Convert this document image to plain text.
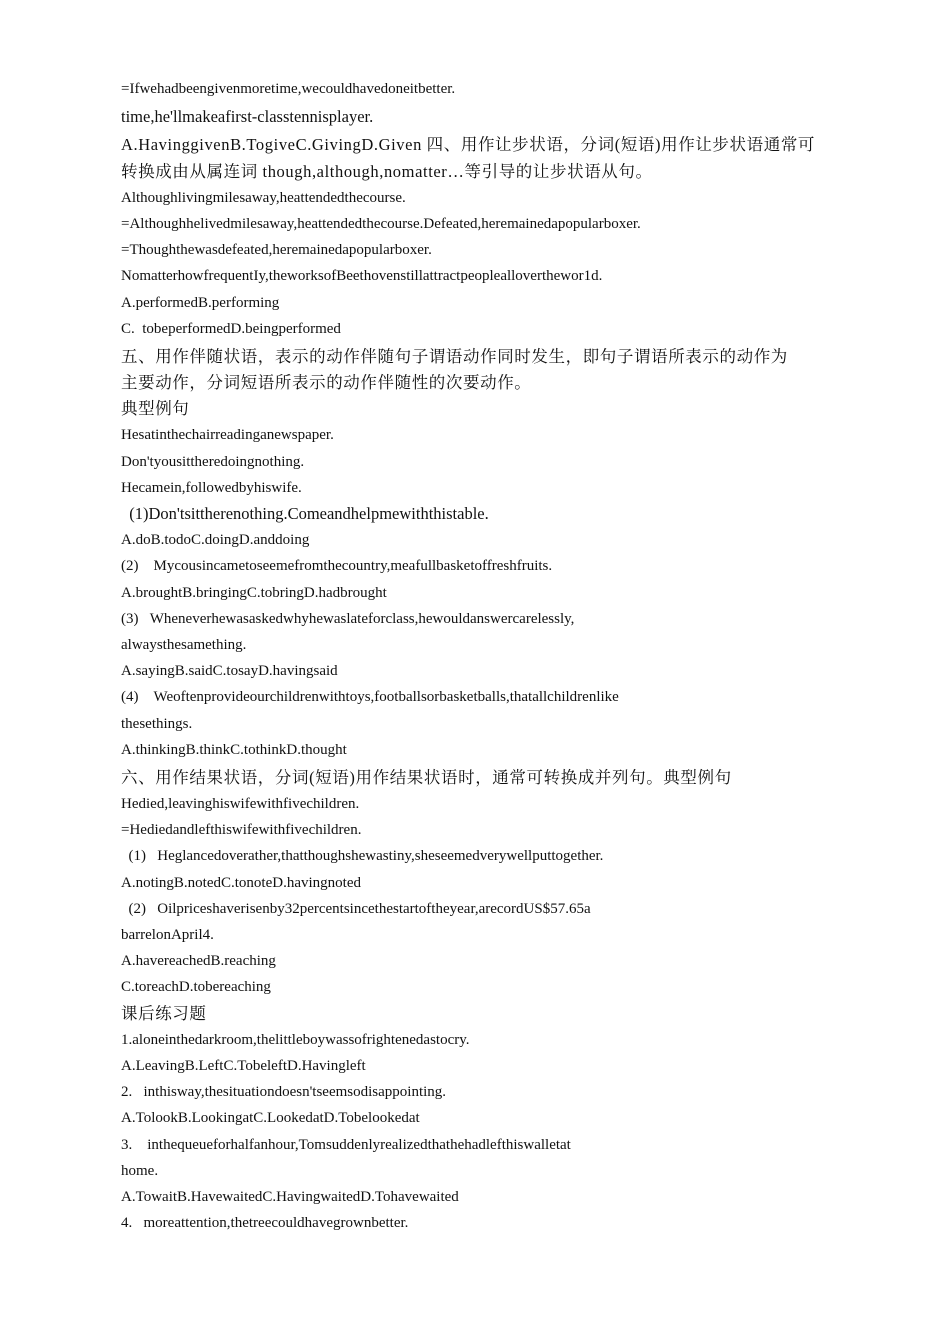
=Ifwehadbeengivenmoretime,wecouldhavedoneitbetter.
time,he'llmakeafirst-classtennisplayer.
A.HavinggivenB.TogiveC.GivingD.Given 四、用作让步状语，分词(短语)用作让步状语通常可
转换成由从属连词 though,although,nomatter…等引导的让步状语从句。
Althoughlivingmilesaway,heattendedthecourse.
=Althoughhelivedmilesaway,heattendedthecourse.Defeated,heremainedapopularboxer.
=Thoughthewasdefeated,heremainedapopularboxer.
NomatterhowfrequentIy,theworksofBeethovenstillattractpeoplealloverthewor1d.
A.performedB.performing
C.  tobeperformedD.beingperformed
五、用作伴随状语，表示的动作伴随句子谓语动作同时发生，即句子谓语所表示的动作为
主要动作，分词短语所表示的动作伴随性的次要动作。
典型例句
Hesatinthechairreadinganewspaper.
Don'tyousittheredoingnothing.
Hecamein,followedbyhiswife.
(1)Don'tsittherenothing.Comeandhelpmewiththistable.
A.doB.todoC.doingD.anddoing
(2)    Mycousincametoseemefromthecountry,meafullbasketoffreshfruits.
A.broughtB.bringingC.tobringD.hadbrought
(3)   Wheneverhewasaskedwhyhewaslateforclass,hewouldanswercarelessly,
alwaysthesamething.
A.sayingB.saidC.tosayD.havingsaid
(4)    Weoftenprovideourchildrenwithtoys,footballsorbasketballs,thatallchildrenlike
thesethings.
A.thinkingB.thinkC.tothinkD.thought
六、用作结果状语，分词(短语)用作结果状语时，通常可转换成并列句。典型例句
Hedied,leavinghiswifewithfivechildren.
=Hediedandlefthiswifewithfivechildren.
(1)   Heglancedoverather,thatthoughshewastiny,sheseemedverywellputtogether.
A.notingB.notedC.tonoteD.havingnoted
(2)   Oilpriceshaverisenby32percentsincethestartoftheyear,arecordUS$57.65a
barrelonApril4.
A.havereachedB.reaching
C.toreachD.tobereaching
课后练习题
1.aloneinthedarkroom,thelittleboywassofrightenedastocry.
A.LeavingB.LeftC.TobeleftD.Havingleft
2.   inthisway,thesituationdoesn'tseemsodisappointing.
A.TolookB.LookingatC.LookedatD.Tobelookedat
3.    inthequeueforhalfanhour,Tomsuddenlyrealizedthathehadlefthiswalletat
home.
A.TowaitB.HavewaitedC.HavingwaitedD.Tohavewaited
4.   moreattention,thetreecouldhavegrownbetter.
